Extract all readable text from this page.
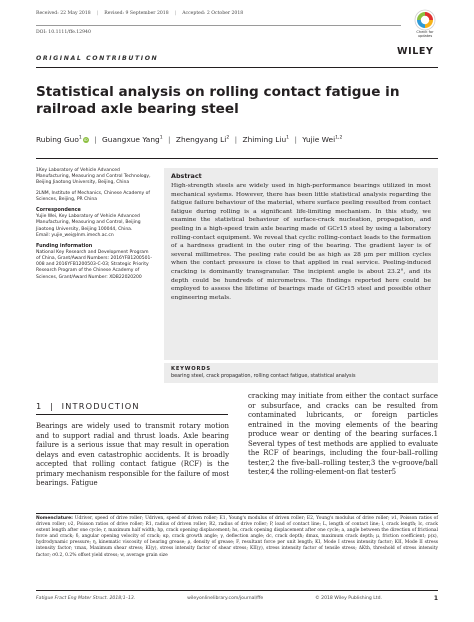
Received: 22 May 2018 | Revised: 9 September 2018 | Accepted: 2 October 2018
DOI: 10.1111/ffe.12940	Check for updates
WILEY
ORIGINAL CONTRIBUTION
Statistical analysis on rolling contact fatigue in railroad axle bearing steel
Rubing Guo$^1$ iD | Guangxue Yang$^1$ | Zhengyang Li$^2$ | Zhiming Liu$^1$ | Yujie Wei$^{1,2}$

1Key Laboratory of Vehicle Advanced Manufacturing, Measuring and Control Technology, Beijing Jiaotong University, Beijing, China

2LNM, Institute of Mechanics, Chinese Academy of Sciences, Beijing, PR China

Correspondence

Yujie Wei, Key Laboratory of Vehicle Advanced Manufacturing, Measuring and Control, Beijing Jiaotong University, Beijing 100044, China.

Email: yujie_wei@lnm.imech.ac.cn

Funding information

National Key Research and Development Program of China, Grant/Award Numbers: 2016YFB1200501- 008 and 2016YFB1200503-C-03; Strategic Priority Research Program of the Chinese Academy of Sciences, Grant/Award Number: XDB22020200

Abstract
High-strength steels are widely used in high-performance bearings utilized in most mechanical systems. However, there has been little statistical analysis regarding the fatigue failure behaviour of the material, where surface peeling resulted from contact fatigue during rolling is a significant life-limiting mechanism. In this study, we examine the statistical behaviour of surface-crack nucleation, propagation, and peeling in a high-speed train axle bearing made of GCr15 steel by using a laboratory rolling-contact equipment. We reveal that cyclic rolling-contact leads to the formation of a hardness gradient in the outer ring of the bearing. The gradient layer is of several millimetres. The peeling rate could be as high as 28 μm per million cycles when the contact pressure is close to that applied in real service. Peeling-induced cracking is dominantly transgranular. The incipient angle is about 23.2°, and its depth could be hundreds of micrometres. The findings reported here could be employed to assess the lifetime of bearings made of GCr15 steel and possible other engineering metals.
KEYWORDS
bearing steel, crack propagation, rolling contact fatigue, statistical analysis
1  |  INTRODUCTION
Bearings are widely used to transmit rotary motion and to support radial and thrust loads. Axle bearing failure is a serious issue that may result in operation delays and even catastrophic accidents. It is broadly accepted that rolling contact fatigue (RCF) is the primary mechanism responsible for the failure of most bearings. Fatigue
cracking may initiate from either the contact surface or subsurface, and cracks can be resulted from contaminated lubricants, or foreign particles entrained in the moving elements of the bearing produce wear or denting of the bearing surfaces.1 Several types of test methods are applied to evaluate the RCF of bearings, including the four-ball–rolling tester,2 the five-ball–rolling tester,3 the v-groove/ball tester,4 the rolling-element-on flat tester5
Nomenclature: Udriver, speed of drive roller; Udriven, speed of driven roller; E1, Young's modulus of driven roller; E2, Young's modulus of drive roller; ν1, Poisson ratios of driven roller; ν2, Poisson ratios of drive roller; R1, radius of driven roller; R2, radius of drive roller; P, load of contact line; L, length of contact line; l, crack length; lc, crack extent length after one cycle; r, maximum half width; hp, crack opening displacement; hs, crack opening displacement after one cycle; a, angle between the direction of frictional force and crack; δ, angular opening velocity of crack; αp, crack growth angle; γ, deflection angle; dc, crack depth; dmax, maximum crack depth; μ, friction coefficient; p(x), hydrodynamic pressure; η, kinematic viscosity of bearing grease; ρ, density of grease; F, resultant force per unit length; KI, Mode I stress intensity factor; KII, Mode II stress intensity factor; τmax, Maximum shear stress; KI(y), stress intensity factor of shear stress; KII(y), stress intensity factor of tensile stress; ΔKth, threshold of stress intensity factor; σ0.2, 0.2% offset yield stress; w, average grain size
Fatigue Fract Eng Mater Struct. 2018;1–13.	wileyonlinelibrary.com/journal/ffe	© 2018 Wiley Publishing Ltd.	1
